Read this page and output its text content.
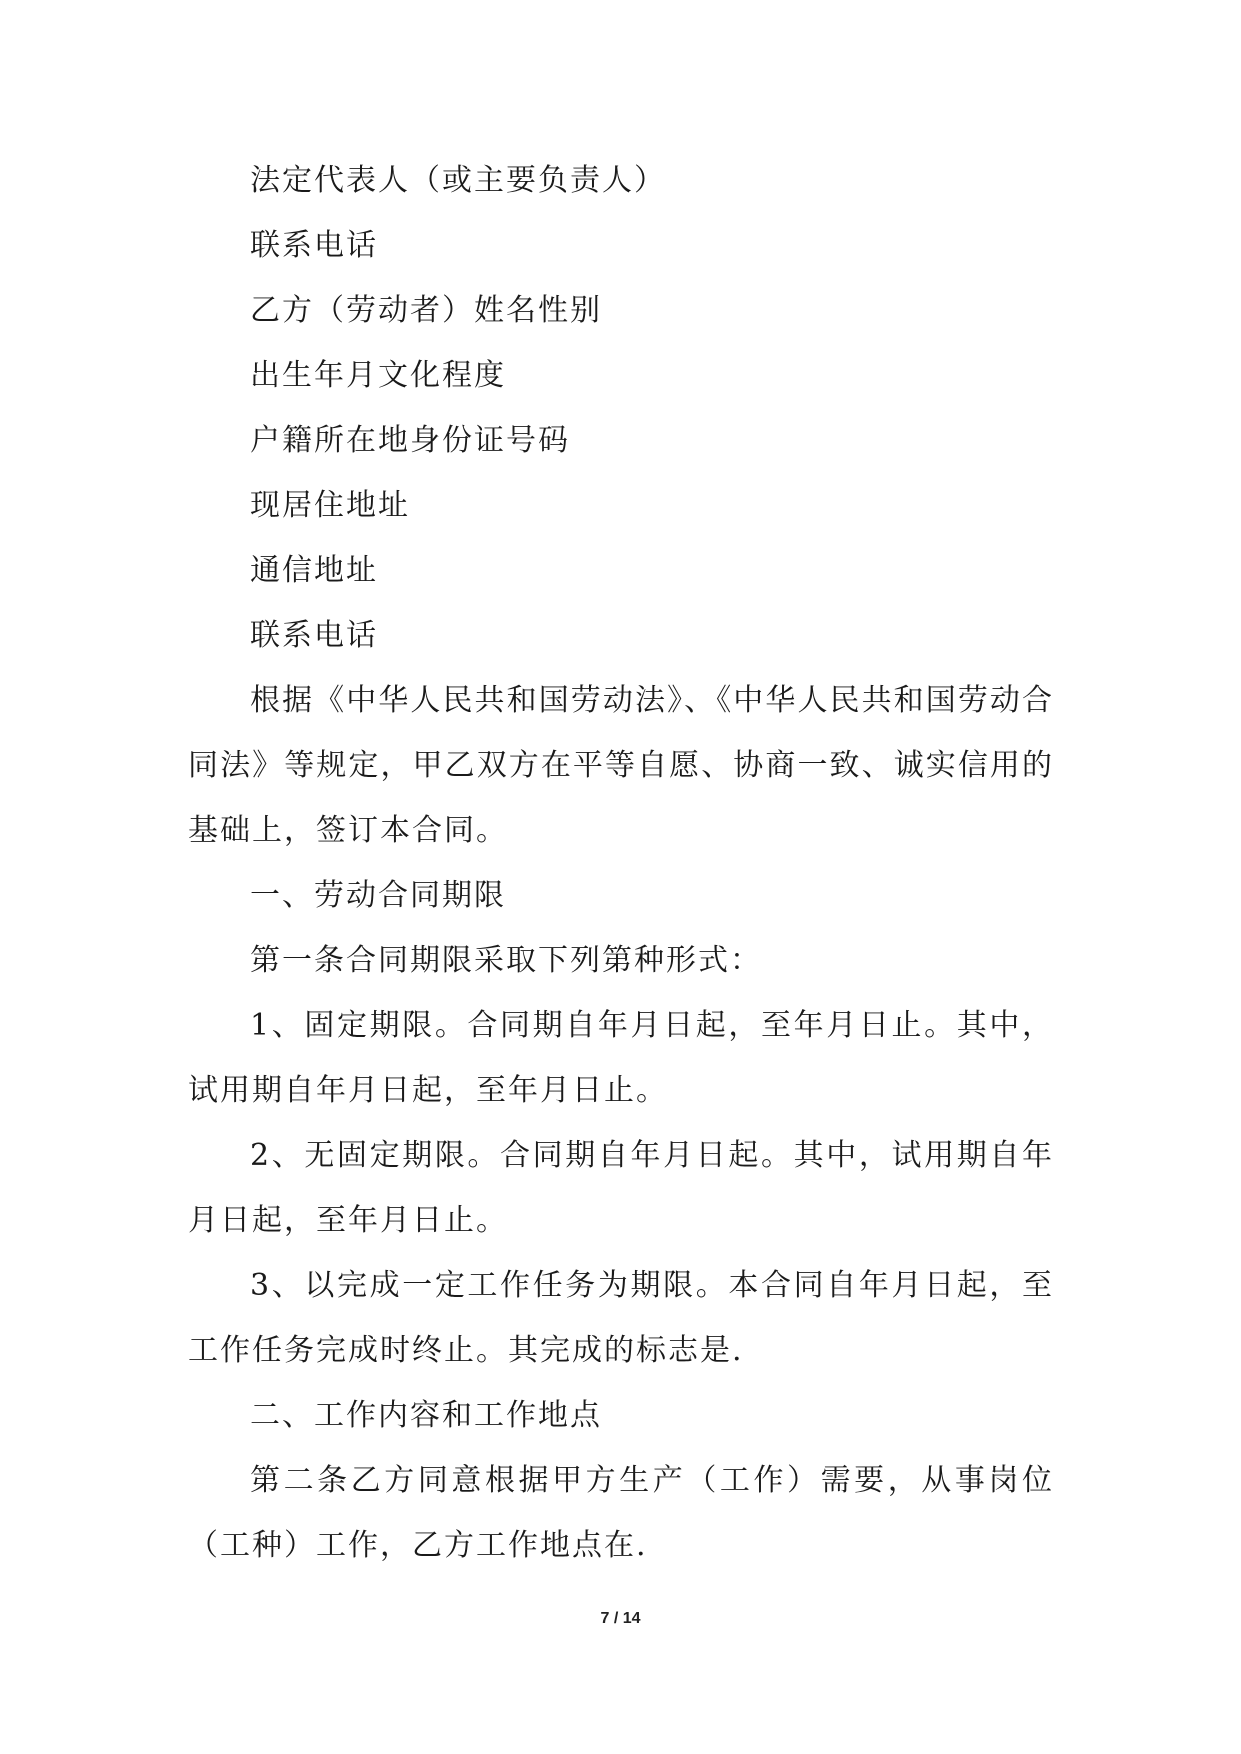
法定代表人（或主要负责人）

联系电话

乙方（劳动者）姓名性别

出生年月文化程度

户籍所在地身份证号码

现居住地址

通信地址

联系电话

根据《中华人民共和国劳动法》、《中华人民共和国劳动合同法》等规定，甲乙双方在平等自愿、协商一致、诚实信用的基础上，签订本合同。

一、劳动合同期限

第一条合同期限采取下列第种形式：

1、固定期限。合同期自年月日起，至年月日止。其中，试用期自年月日起，至年月日止。

2、无固定期限。合同期自年月日起。其中，试用期自年月日起，至年月日止。

3、以完成一定工作任务为期限。本合同自年月日起，至工作任务完成时终止。其完成的标志是.

二、工作内容和工作地点

第二条乙方同意根据甲方生产（工作）需要，从事岗位（工种）工作，乙方工作地点在.

7 / 14
